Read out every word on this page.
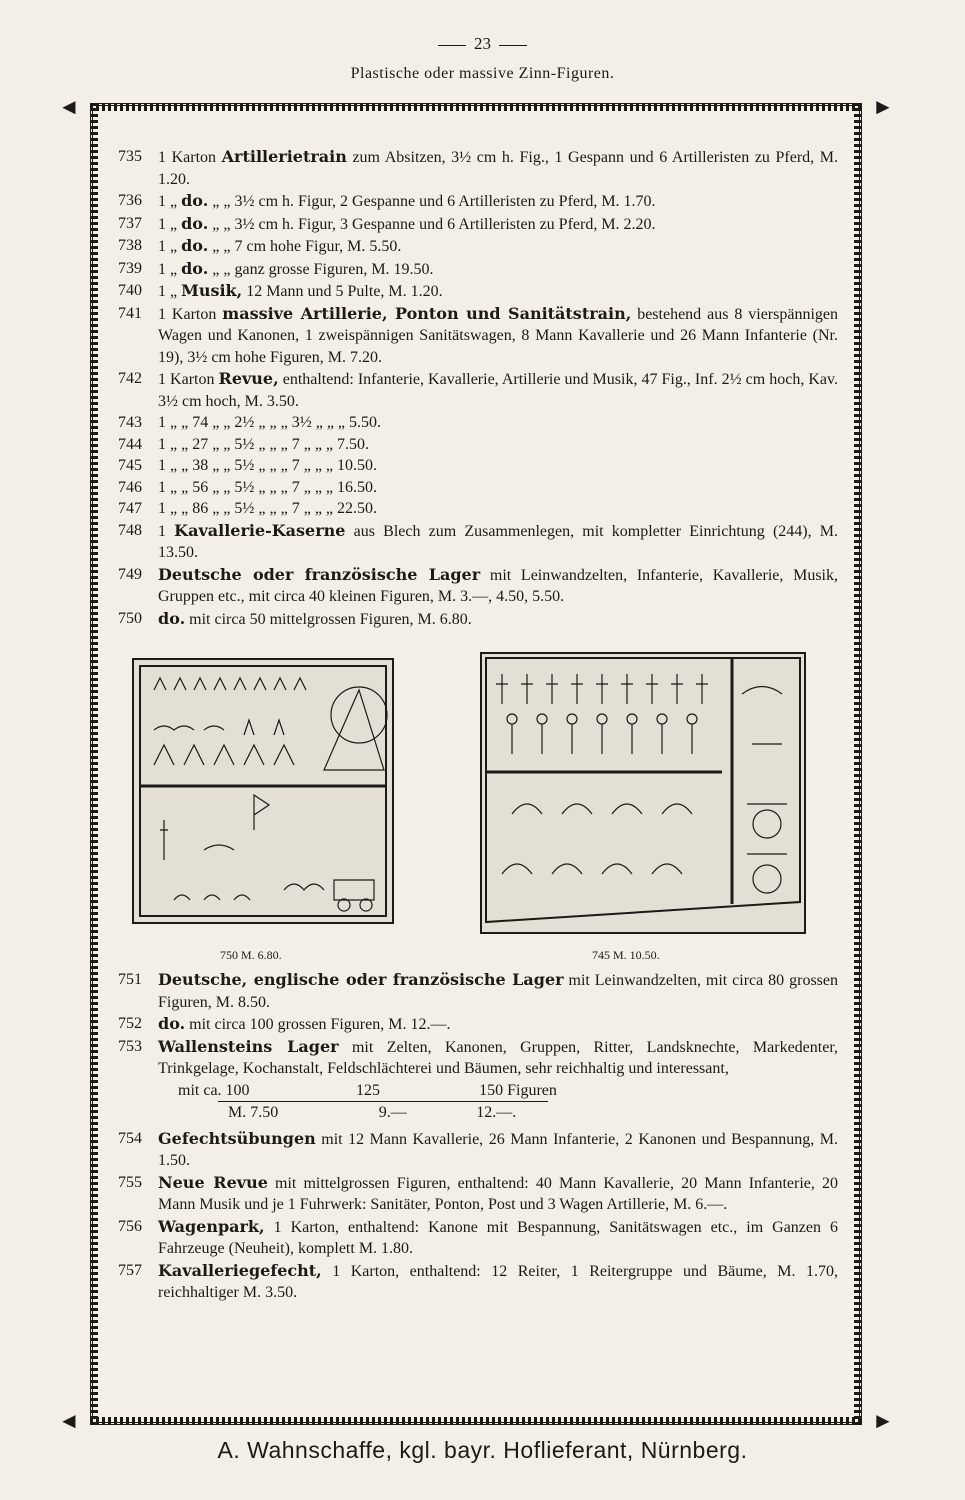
23
Plastische oder massive Zinn-Figuren.
◄	►
◄	►
735	1 Karton Artillerietrain zum Absitzen, 3½ cm h. Fig., 1 Gespann und 6 Artilleristen zu Pferd, M. 1.20.
736	1 „ do. „ „ 3½ cm h. Figur, 2 Gespanne und 6 Artilleristen zu Pferd, M. 1.70.
737	1 „ do. „ „ 3½ cm h. Figur, 3 Gespanne und 6 Artilleristen zu Pferd, M. 2.20.
738	1 „ do. „ „ 7 cm hohe Figur, M. 5.50.
739	1 „ do. „ „ ganz grosse Figuren, M. 19.50.
740	1 „ Musik, 12 Mann und 5 Pulte, M. 1.20.
741	1 Karton massive Artillerie, Ponton und Sanitätstrain, bestehend aus 8 vierspännigen Wagen und Kanonen, 1 zweispännigen Sanitätswagen, 8 Mann Kavallerie und 26 Mann Infanterie (Nr. 19), 3½ cm hohe Figuren, M. 7.20.
742	1 Karton Revue, enthaltend: Infanterie, Kavallerie, Artillerie und Musik, 47 Fig., Inf. 2½ cm hoch, Kav. 3½ cm hoch, M. 3.50.
743	1 „ „ 74 „ „ 2½ „ „ „ 3½ „ „ „ 5.50.
744	1 „ „ 27 „ „ 5½ „ „ „ 7 „ „ „ 7.50.
745	1 „ „ 38 „ „ 5½ „ „ „ 7 „ „ „ 10.50.
746	1 „ „ 56 „ „ 5½ „ „ „ 7 „ „ „ 16.50.
747	1 „ „ 86 „ „ 5½ „ „ „ 7 „ „ „ 22.50.
748	1 Kavallerie-Kaserne aus Blech zum Zusammenlegen, mit kompletter Einrichtung (244), M. 13.50.
749	Deutsche oder französische Lager mit Leinwandzelten, Infanterie, Kavallerie, Musik, Gruppen etc., mit circa 40 kleinen Figuren, M. 3.—, 4.50, 5.50.
750	do. mit circa 50 mittelgrossen Figuren, M. 6.80.
750 M. 6.80.	745 M. 10.50.
751	Deutsche, englische oder französische Lager mit Leinwandzelten, mit circa 80 grossen Figuren, M. 8.50.
752	do. mit circa 100 grossen Figuren, M. 12.—.
753	Wallensteins Lager mit Zelten, Kanonen, Gruppen, Ritter, Landsknechte, Markedenter, Trinkgelage, Kochanstalt, Feldschlächterei und Bäumen, sehr reichhaltig und interessant,
mit ca. 100	125	150 Figuren
M. 7.50	9.—	12.—.
754	Gefechtsübungen mit 12 Mann Kavallerie, 26 Mann Infanterie, 2 Kanonen und Bespannung, M. 1.50.
755	Neue Revue mit mittelgrossen Figuren, enthaltend: 40 Mann Kavallerie, 20 Mann Infanterie, 20 Mann Musik und je 1 Fuhrwerk: Sanitäter, Ponton, Post und 3 Wagen Artillerie, M. 6.—.
756	Wagenpark, 1 Karton, enthaltend: Kanone mit Bespannung, Sanitätswagen etc., im Ganzen 6 Fahrzeuge (Neuheit), komplett M. 1.80.
757	Kavalleriegefecht, 1 Karton, enthaltend: 12 Reiter, 1 Reitergruppe und Bäume, M. 1.70, reichhaltiger M. 3.50.
A. Wahnschaffe, kgl. bayr. Hoflieferant, Nürnberg.
